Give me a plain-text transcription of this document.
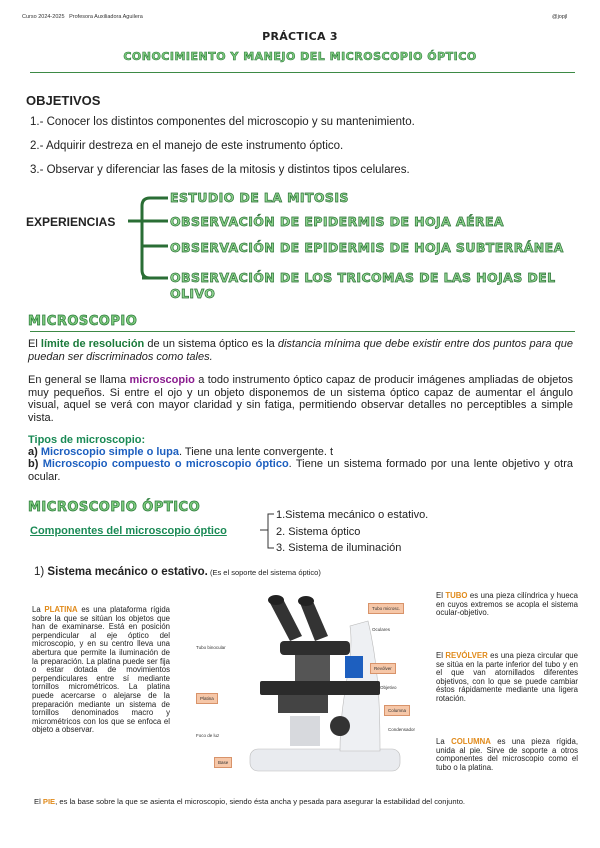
Curso 2024-2025 Profesora Auxiliadora Aguilera	@jopjl
PRÁCTICA 3
CONOCIMIENTO Y MANEJO DEL MICROSCOPIO ÓPTICO
OBJETIVOS
1.- Conocer los distintos componentes del microscopio y su mantenimiento.
2.- Adquirir destreza en el manejo de este instrumento óptico.
3.- Observar y diferenciar las fases de la mitosis y distintos tipos celulares.
EXPERIENCIAS
ESTUDIO DE LA MITOSIS
OBSERVACIÓN DE EPIDERMIS DE HOJA AÉREA
OBSERVACIÓN DE EPIDERMIS DE HOJA SUBTERRÁNEA
OBSERVACIÓN DE LOS TRICOMAS DE LAS HOJAS DEL
OLIVO
MICROSCOPIO
El límite de resolución de un sistema óptico es la distancia mínima que debe existir entre dos puntos para que puedan ser discriminados como tales.
En general se llama microscopio a todo instrumento óptico capaz de producir imágenes ampliadas de objetos muy pequeños. Si entre el ojo y un objeto disponemos de un sistema óptico capaz de aumentar el ángulo visual, aquel se verá con mayor claridad y sin fatiga, permitiendo observar detalles no perceptibles a simple vista.
Tipos de microscopio:
a) Microscopio simple o lupa. Tiene una lente convergente. t
b) Microscopio compuesto o microscopio óptico. Tiene un sistema formado por una lente objetivo y otra ocular.
MICROSCOPIO ÓPTICO
Componentes del microscopio óptico
1.Sistema mecánico o estativo.
2. Sistema óptico
3. Sistema de iluminación
1) Sistema mecánico o estativo. (Es el soporte del sistema óptico)
La PLATINA es una plataforma rígida sobre la que se sitúan los objetos que han de examinarse. Está en posición perpendicular al eje óptico del microscopio, y en su centro lleva una abertura que permite la iluminación de la preparación. La platina puede ser fija o estar dotada de movimientos perpendiculares entre sí mediante tornillos micrométricos. La platina puede acercarse o alejarse de la preparación mediante un sistema de tornillos denominados macro y micrométricos con los que se enfoca el objeto a observar.
Tubo microsc.
Oculares
Tubo binocular
Revólver
Objetivo
Platina
Columna
Condensador
Foco de luz
Base
El TUBO es una pieza cilíndrica y hueca en cuyos extremos se acopla el sistema ocular-objetivo.
El REVÓLVER es una pieza circular que se sitúa en la parte inferior del tubo y en el que van atornillados diferentes objetivos, con lo que se puede cambiar éstos rápidamente mediante una ligera rotación.
La COLUMNA es una pieza rígida, unida al pie. Sirve de soporte a otros componentes del microscopio como el tubo o la platina.
El PIE, es la base sobre la que se asienta el microscopio, siendo ésta ancha y pesada para asegurar la estabilidad del conjunto.
